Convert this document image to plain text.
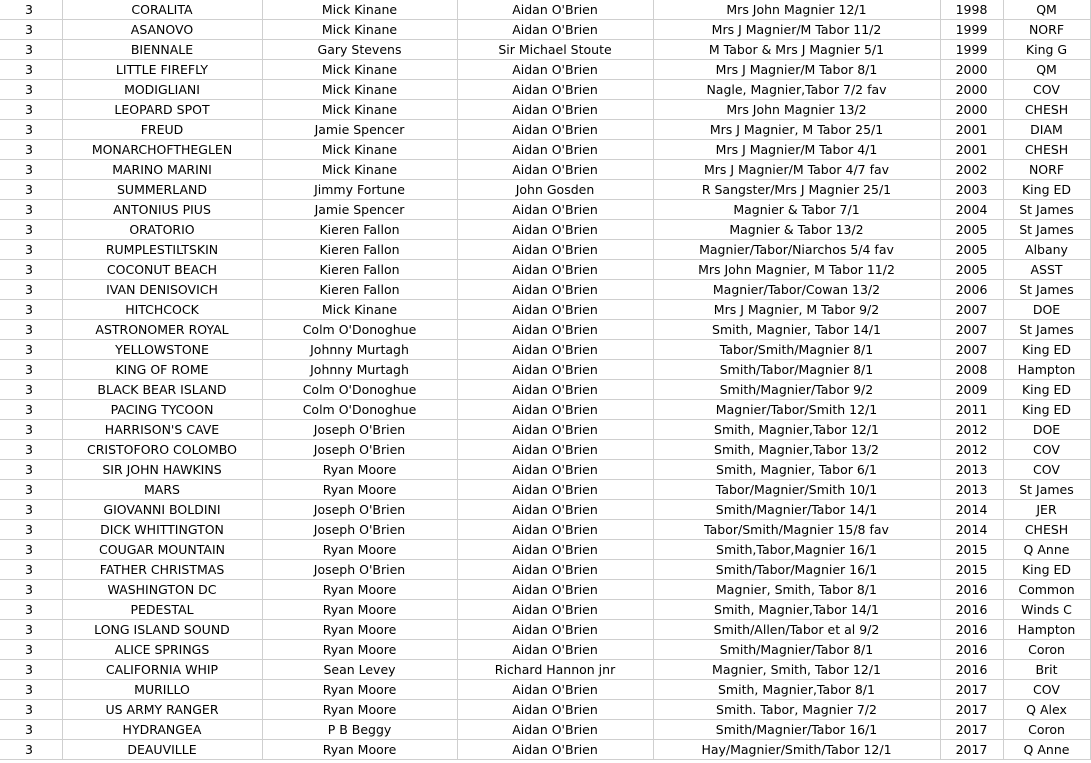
3	CORALITA	Mick Kinane	Aidan O'Brien	Mrs John Magnier 12/1	1998	QM
3	ASANOVO	Mick Kinane	Aidan O'Brien	Mrs J Magnier/M Tabor 11/2	1999	NORF
3	BIENNALE	Gary Stevens	Sir Michael Stoute	M Tabor & Mrs J Magnier 5/1	1999	King G
3	LITTLE FIREFLY	Mick Kinane	Aidan O'Brien	Mrs J Magnier/M Tabor 8/1	2000	QM
3	MODIGLIANI	Mick Kinane	Aidan O'Brien	Nagle, Magnier,Tabor 7/2 fav	2000	COV
3	LEOPARD SPOT	Mick Kinane	Aidan O'Brien	Mrs John Magnier 13/2	2000	CHESH
3	FREUD	Jamie Spencer	Aidan O'Brien	Mrs J Magnier, M Tabor 25/1	2001	DIAM
3	MONARCHOFTHEGLEN	Mick Kinane	Aidan O'Brien	Mrs J Magnier/M Tabor 4/1	2001	CHESH
3	MARINO MARINI	Mick Kinane	Aidan O'Brien	Mrs J Magnier/M Tabor 4/7 fav	2002	NORF
3	SUMMERLAND	Jimmy Fortune	John Gosden	R Sangster/Mrs J Magnier 25/1	2003	King ED
3	ANTONIUS PIUS	Jamie Spencer	Aidan O'Brien	Magnier & Tabor 7/1	2004	St James
3	ORATORIO	Kieren Fallon	Aidan O'Brien	Magnier & Tabor 13/2	2005	St James
3	RUMPLESTILTSKIN	Kieren Fallon	Aidan O'Brien	Magnier/Tabor/Niarchos 5/4 fav	2005	Albany
3	COCONUT BEACH	Kieren Fallon	Aidan O'Brien	Mrs John Magnier, M Tabor 11/2	2005	ASST
3	IVAN DENISOVICH	Kieren Fallon	Aidan O'Brien	Magnier/Tabor/Cowan 13/2	2006	St James
3	HITCHCOCK	Mick Kinane	Aidan O'Brien	Mrs J Magnier, M Tabor 9/2	2007	DOE
3	ASTRONOMER ROYAL	Colm O'Donoghue	Aidan O'Brien	Smith, Magnier, Tabor 14/1	2007	St James
3	YELLOWSTONE	Johnny Murtagh	Aidan O'Brien	Tabor/Smith/Magnier 8/1	2007	King ED
3	KING OF ROME	Johnny Murtagh	Aidan O'Brien	Smith/Tabor/Magnier 8/1	2008	Hampton
3	BLACK BEAR ISLAND	Colm O'Donoghue	Aidan O'Brien	Smith/Magnier/Tabor 9/2	2009	King ED
3	PACING TYCOON	Colm O'Donoghue	Aidan O'Brien	Magnier/Tabor/Smith 12/1	2011	King ED
3	HARRISON'S CAVE	Joseph O'Brien	Aidan O'Brien	Smith, Magnier,Tabor 12/1	2012	DOE
3	CRISTOFORO COLOMBO	Joseph O'Brien	Aidan O'Brien	Smith, Magnier,Tabor 13/2	2012	COV
3	SIR JOHN HAWKINS	Ryan Moore	Aidan O'Brien	Smith, Magnier, Tabor 6/1	2013	COV
3	MARS	Ryan Moore	Aidan O'Brien	Tabor/Magnier/Smith 10/1	2013	St James
3	GIOVANNI BOLDINI	Joseph O'Brien	Aidan O'Brien	Smith/Magnier/Tabor 14/1	2014	JER
3	DICK WHITTINGTON	Joseph O'Brien	Aidan O'Brien	Tabor/Smith/Magnier 15/8 fav	2014	CHESH
3	COUGAR MOUNTAIN	Ryan Moore	Aidan O'Brien	Smith,Tabor,Magnier 16/1	2015	Q Anne
3	FATHER CHRISTMAS	Joseph O'Brien	Aidan O'Brien	Smith/Tabor/Magnier 16/1	2015	King ED
3	WASHINGTON DC	Ryan Moore	Aidan O'Brien	Magnier, Smith, Tabor 8/1	2016	Common
3	PEDESTAL	Ryan Moore	Aidan O'Brien	Smith, Magnier,Tabor 14/1	2016	Winds C
3	LONG ISLAND SOUND	Ryan Moore	Aidan O'Brien	Smith/Allen/Tabor et al 9/2	2016	Hampton
3	ALICE SPRINGS	Ryan Moore	Aidan O'Brien	Smith/Magnier/Tabor 8/1	2016	Coron
3	CALIFORNIA WHIP	Sean Levey	Richard Hannon jnr	Magnier, Smith, Tabor 12/1	2016	Brit
3	MURILLO	Ryan Moore	Aidan O'Brien	Smith, Magnier,Tabor 8/1	2017	COV
3	US ARMY RANGER	Ryan Moore	Aidan O'Brien	Smith. Tabor, Magnier 7/2	2017	Q Alex
3	HYDRANGEA	P B Beggy	Aidan O'Brien	Smith/Magnier/Tabor 16/1	2017	Coron
3	DEAUVILLE	Ryan Moore	Aidan O'Brien	Hay/Magnier/Smith/Tabor 12/1	2017	Q Anne
